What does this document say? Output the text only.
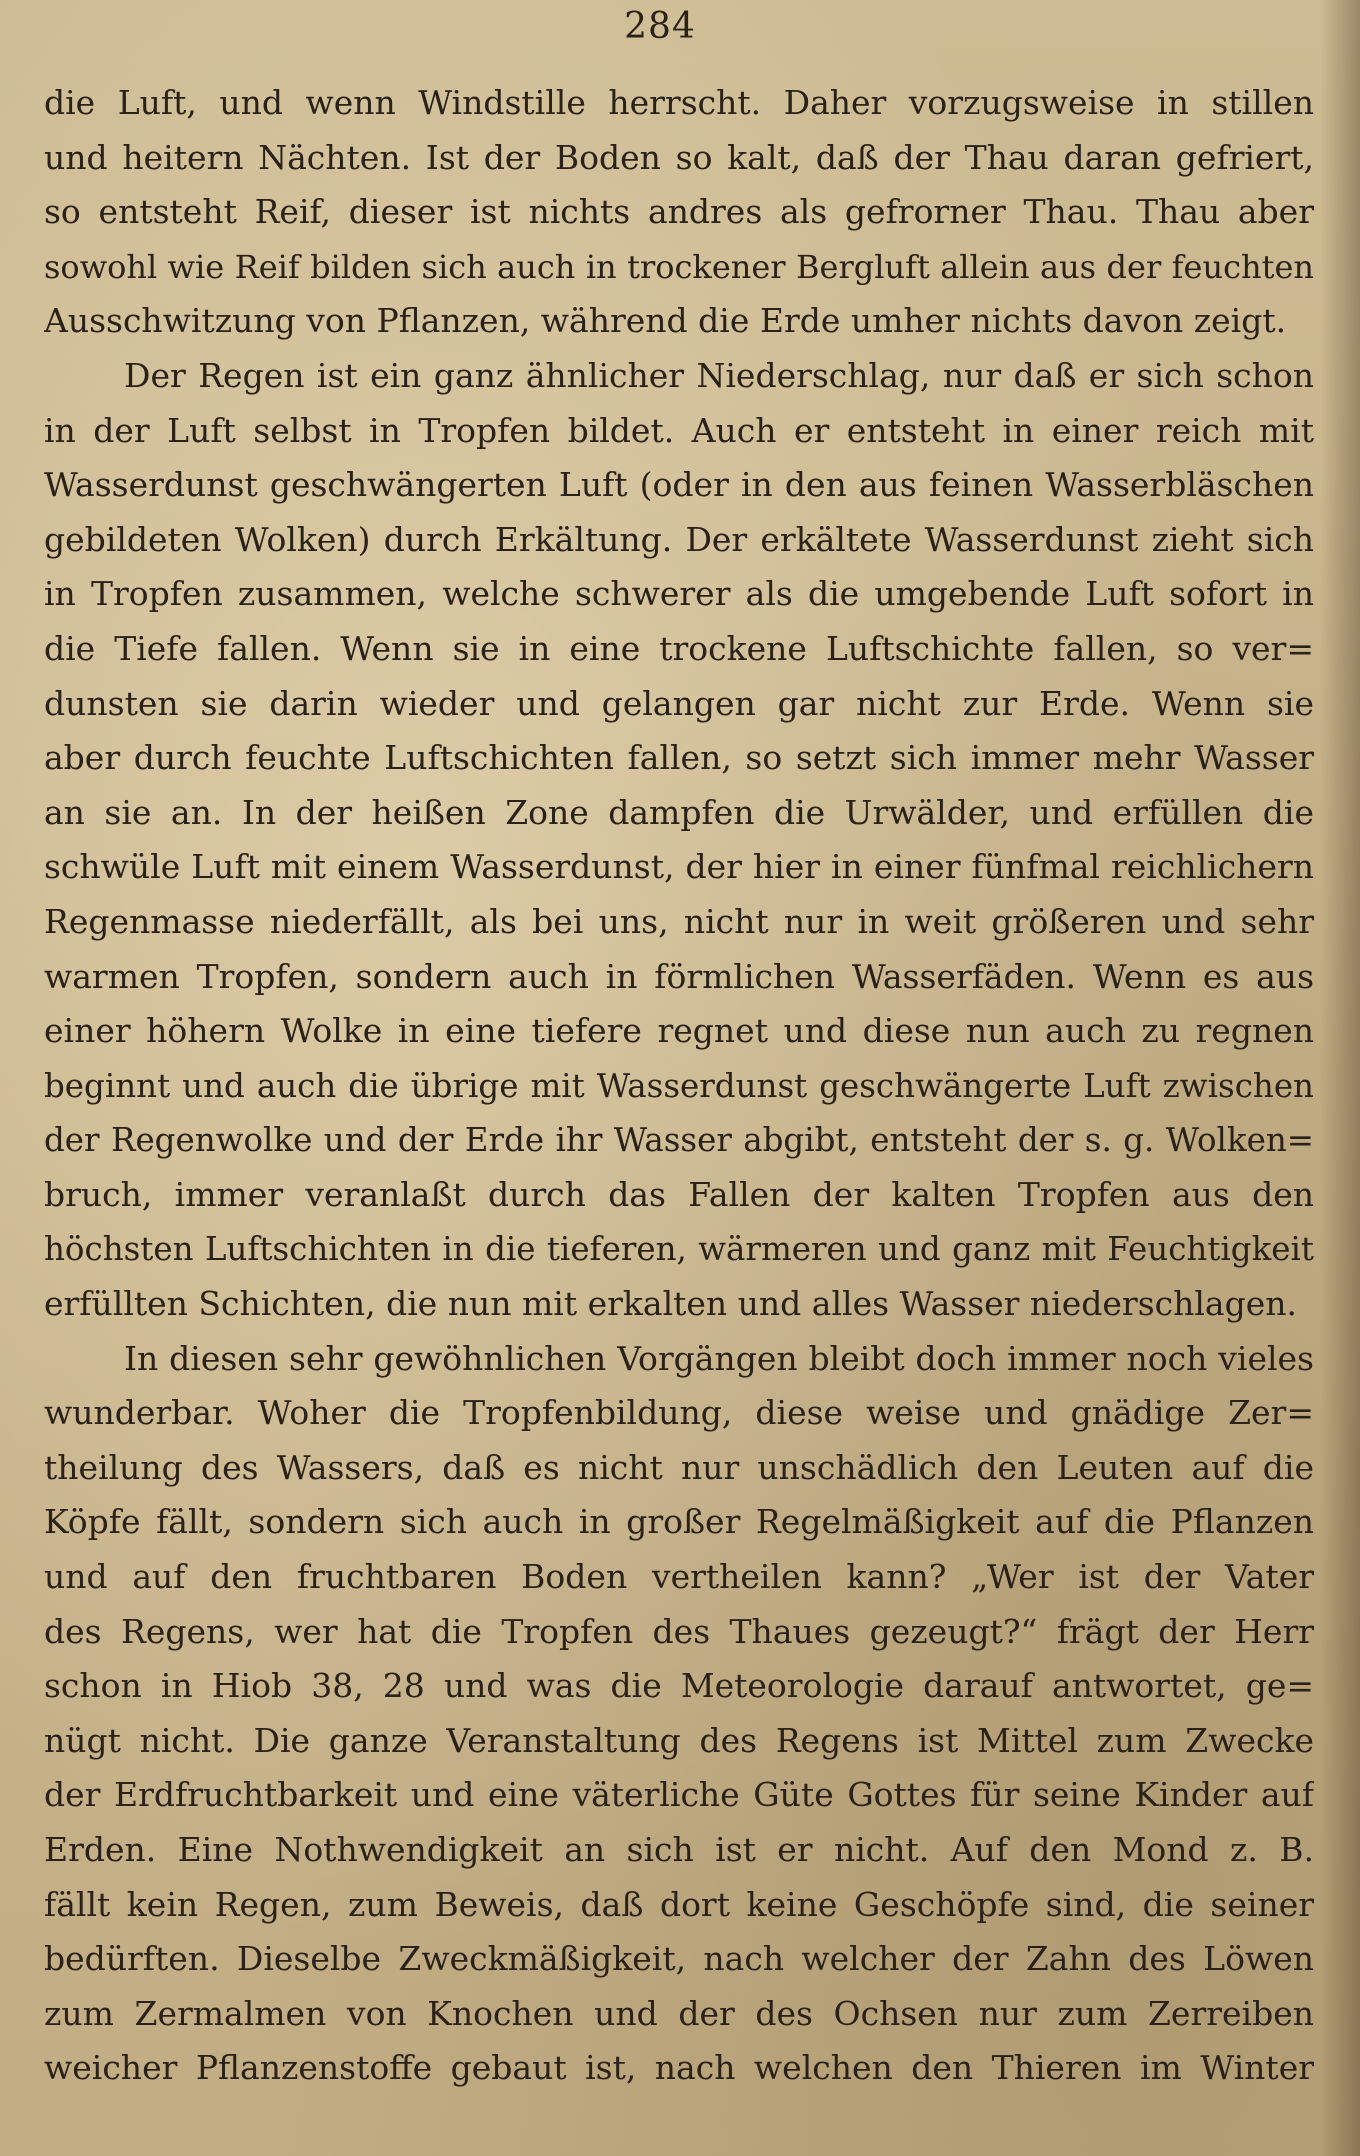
284
die Luft, und wenn Windstille herrscht. Daher vorzugsweise in stillen
und heitern Nächten. Ist der Boden so kalt, daß der Thau daran gefriert,
so entsteht Reif, dieser ist nichts andres als gefrorner Thau. Thau aber
sowohl wie Reif bilden sich auch in trockener Bergluft allein aus der feuchten
Ausschwitzung von Pflanzen, während die Erde umher nichts davon zeigt.
Der Regen ist ein ganz ähnlicher Niederschlag, nur daß er sich schon
in der Luft selbst in Tropfen bildet. Auch er entsteht in einer reich mit
Wasserdunst geschwängerten Luft (oder in den aus feinen Wasserbläschen
gebildeten Wolken) durch Erkältung. Der erkältete Wasserdunst zieht sich
in Tropfen zusammen, welche schwerer als die umgebende Luft sofort in
die Tiefe fallen. Wenn sie in eine trockene Luftschichte fallen, so ver=
dunsten sie darin wieder und gelangen gar nicht zur Erde. Wenn sie
aber durch feuchte Luftschichten fallen, so setzt sich immer mehr Wasser
an sie an. In der heißen Zone dampfen die Urwälder, und erfüllen die
schwüle Luft mit einem Wasserdunst, der hier in einer fünfmal reichlichern
Regenmasse niederfällt, als bei uns, nicht nur in weit größeren und sehr
warmen Tropfen, sondern auch in förmlichen Wasserfäden. Wenn es aus
einer höhern Wolke in eine tiefere regnet und diese nun auch zu regnen
beginnt und auch die übrige mit Wasserdunst geschwängerte Luft zwischen
der Regenwolke und der Erde ihr Wasser abgibt, entsteht der s. g. Wolken=
bruch, immer veranlaßt durch das Fallen der kalten Tropfen aus den
höchsten Luftschichten in die tieferen, wärmeren und ganz mit Feuchtigkeit
erfüllten Schichten, die nun mit erkalten und alles Wasser niederschlagen.
In diesen sehr gewöhnlichen Vorgängen bleibt doch immer noch vieles
wunderbar. Woher die Tropfenbildung, diese weise und gnädige Zer=
theilung des Wassers, daß es nicht nur unschädlich den Leuten auf die
Köpfe fällt, sondern sich auch in großer Regelmäßigkeit auf die Pflanzen
und auf den fruchtbaren Boden vertheilen kann? „Wer ist der Vater
des Regens, wer hat die Tropfen des Thaues gezeugt?“ frägt der Herr
schon in Hiob 38, 28 und was die Meteorologie darauf antwortet, ge=
nügt nicht. Die ganze Veranstaltung des Regens ist Mittel zum Zwecke
der Erdfruchtbarkeit und eine väterliche Güte Gottes für seine Kinder auf
Erden. Eine Nothwendigkeit an sich ist er nicht. Auf den Mond z. B.
fällt kein Regen, zum Beweis, daß dort keine Geschöpfe sind, die seiner
bedürften. Dieselbe Zweckmäßigkeit, nach welcher der Zahn des Löwen
zum Zermalmen von Knochen und der des Ochsen nur zum Zerreiben
weicher Pflanzenstoffe gebaut ist, nach welchen den Thieren im Winter
